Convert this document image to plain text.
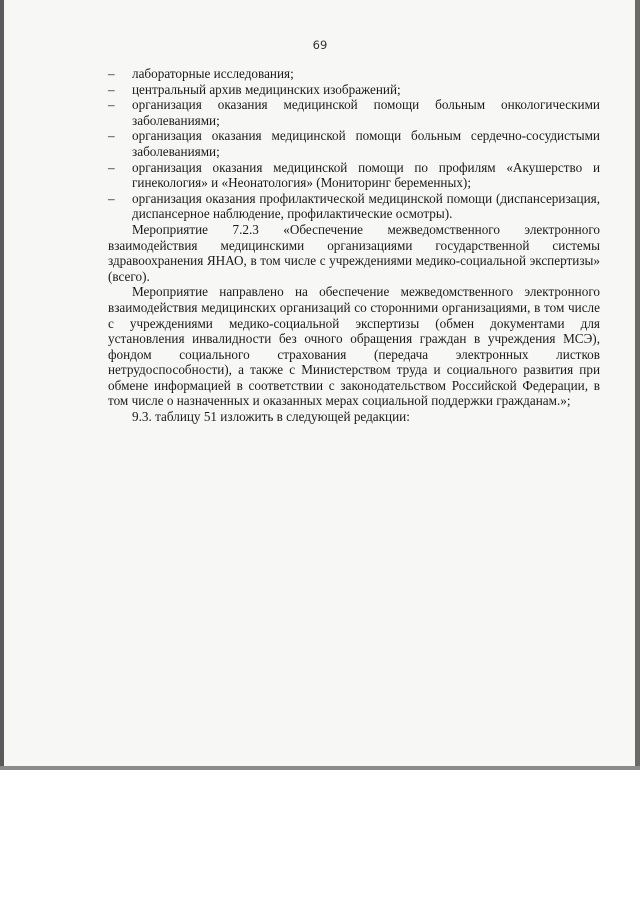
69
– лабораторные исследования;
– центральный архив медицинских изображений;
– организация оказания медицинской помощи больным онкологическими заболеваниями;
– организация оказания медицинской помощи больным сердечно-сосудистыми заболеваниями;
– организация оказания медицинской помощи по профилям «Акушерство и гинекология» и «Неонатология» (Мониторинг беременных);
– организация оказания профилактической медицинской помощи (диспансеризация, диспансерное наблюдение, профилактические осмотры).

Мероприятие 7.2.3 «Обеспечение межведомственного электронного взаимодействия медицинскими организациями государственной системы здравоохранения ЯНАО, в том числе с учреждениями медико-социальной экспертизы» (всего).

Мероприятие направлено на обеспечение межведомственного электронного взаимодействия медицинских организаций со сторонними организациями, в том числе с учреждениями медико-социальной экспертизы (обмен документами для установления инвалидности без очного обращения граждан в учреждения МСЭ), фондом социального страхования (передача электронных листков нетрудоспособности), а также с Министерством труда и социального развития при обмене информацией в соответствии с законодательством Российской Федерации, в том числе о назначенных и оказанных мерах социальной поддержки гражданам.»;

9.3. таблицу 51 изложить в следующей редакции:
